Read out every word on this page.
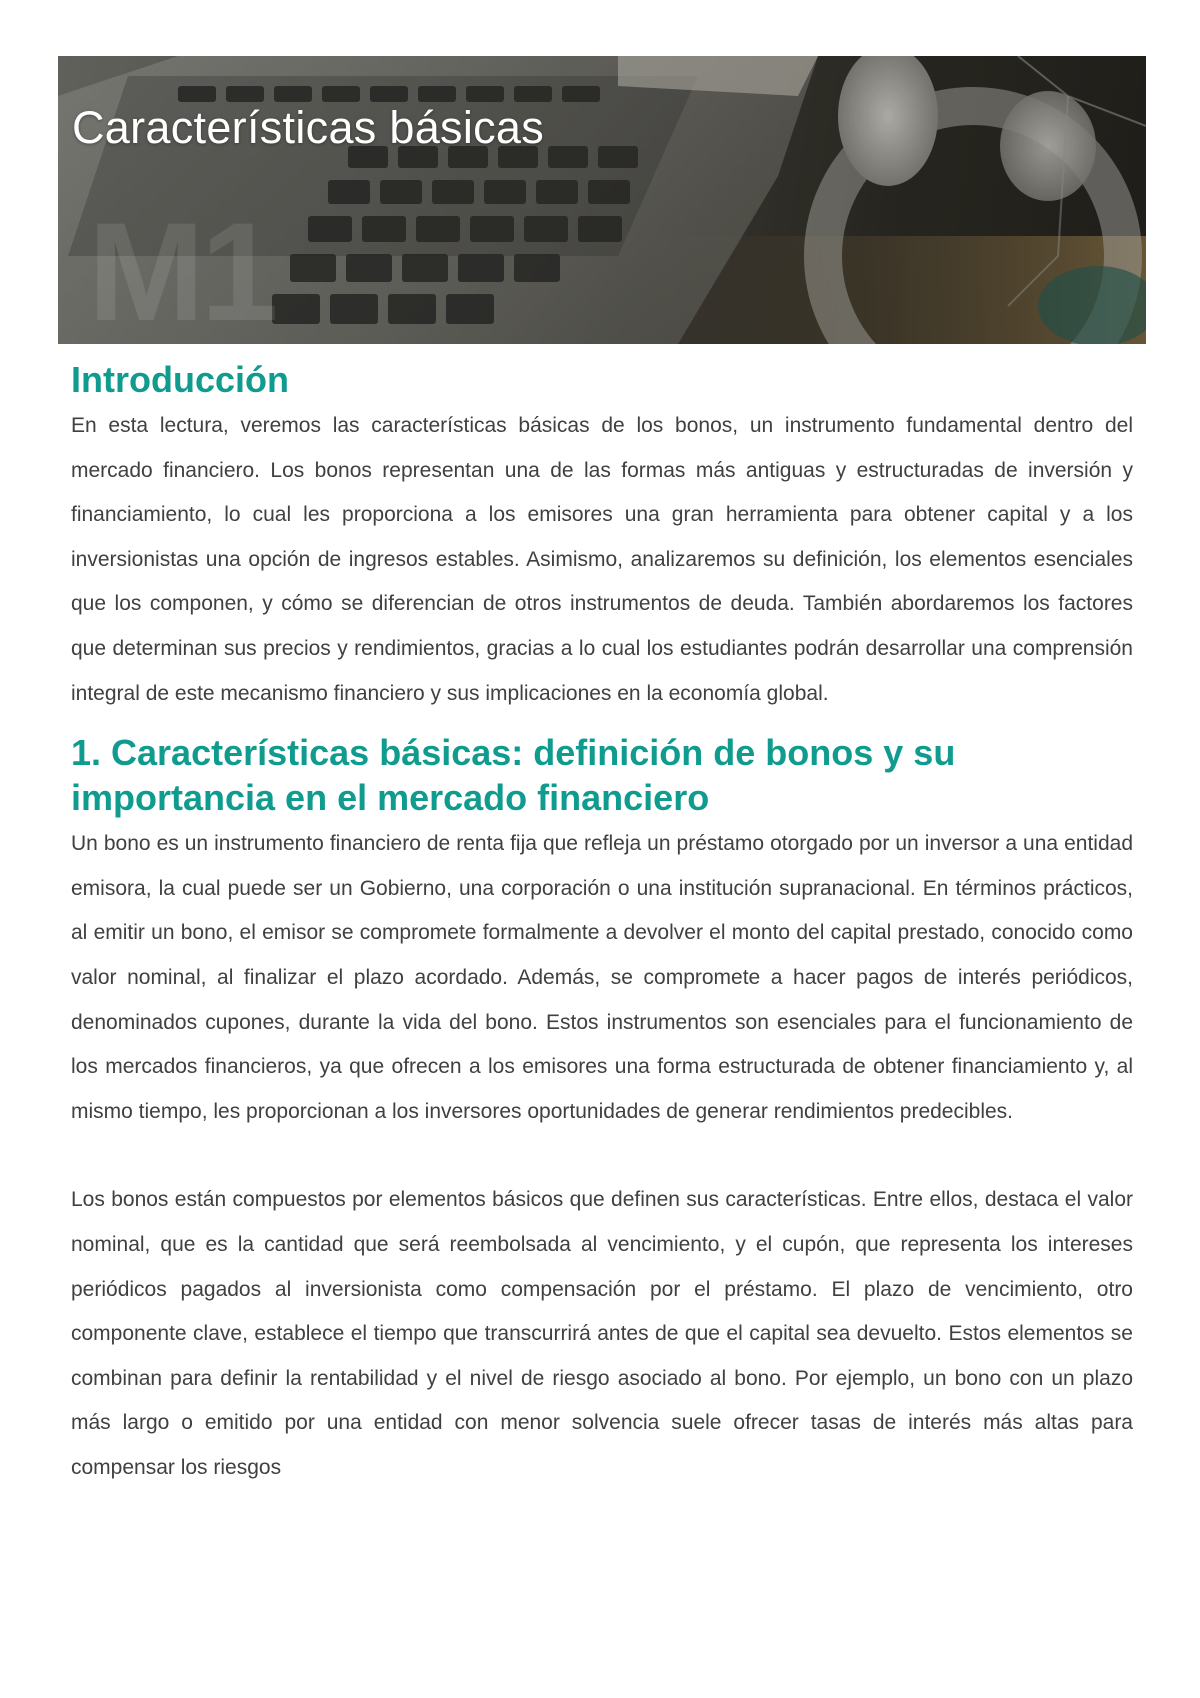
M1
Características básicas
Introducción

En esta lectura, veremos las características básicas de los bonos, un instrumento fundamental dentro del mercado financiero. Los bonos representan una de las formas más antiguas y estructuradas de inversión y financiamiento, lo cual les proporciona a los emisores una gran herramienta para obtener capital y a los inversionistas una opción de ingresos estables. Asimismo, analizaremos su definición, los elementos esenciales que los componen, y cómo se diferencian de otros instrumentos de deuda. También abordaremos los factores que determinan sus precios y rendimientos, gracias a lo cual los estudiantes podrán desarrollar una comprensión integral de este mecanismo financiero y sus implicaciones en la economía global.

1. Características básicas: definición de bonos y su importancia en el mercado financiero

Un bono es un instrumento financiero de renta fija que refleja un préstamo otorgado por un inversor a una entidad emisora, la cual puede ser un Gobierno, una corporación o una institución supranacional. En términos prácticos, al emitir un bono, el emisor se compromete formalmente a devolver el monto del capital prestado, conocido como valor nominal, al finalizar el plazo acordado. Además, se compromete a hacer pagos de interés periódicos, denominados cupones, durante la vida del bono. Estos instrumentos son esenciales para el funcionamiento de los mercados financieros, ya que ofrecen a los emisores una forma estructurada de obtener financiamiento y, al mismo tiempo, les proporcionan a los inversores oportunidades de generar rendimientos predecibles.

Los bonos están compuestos por elementos básicos que definen sus características. Entre ellos, destaca el valor nominal, que es la cantidad que será reembolsada al vencimiento, y el cupón, que representa los intereses periódicos pagados al inversionista como compensación por el préstamo. El plazo de vencimiento, otro componente clave, establece el tiempo que transcurrirá antes de que el capital sea devuelto. Estos elementos se combinan para definir la rentabilidad y el nivel de riesgo asociado al bono. Por ejemplo, un bono con un plazo más largo o emitido por una entidad con menor solvencia suele ofrecer tasas de interés más altas para compensar los riesgos
